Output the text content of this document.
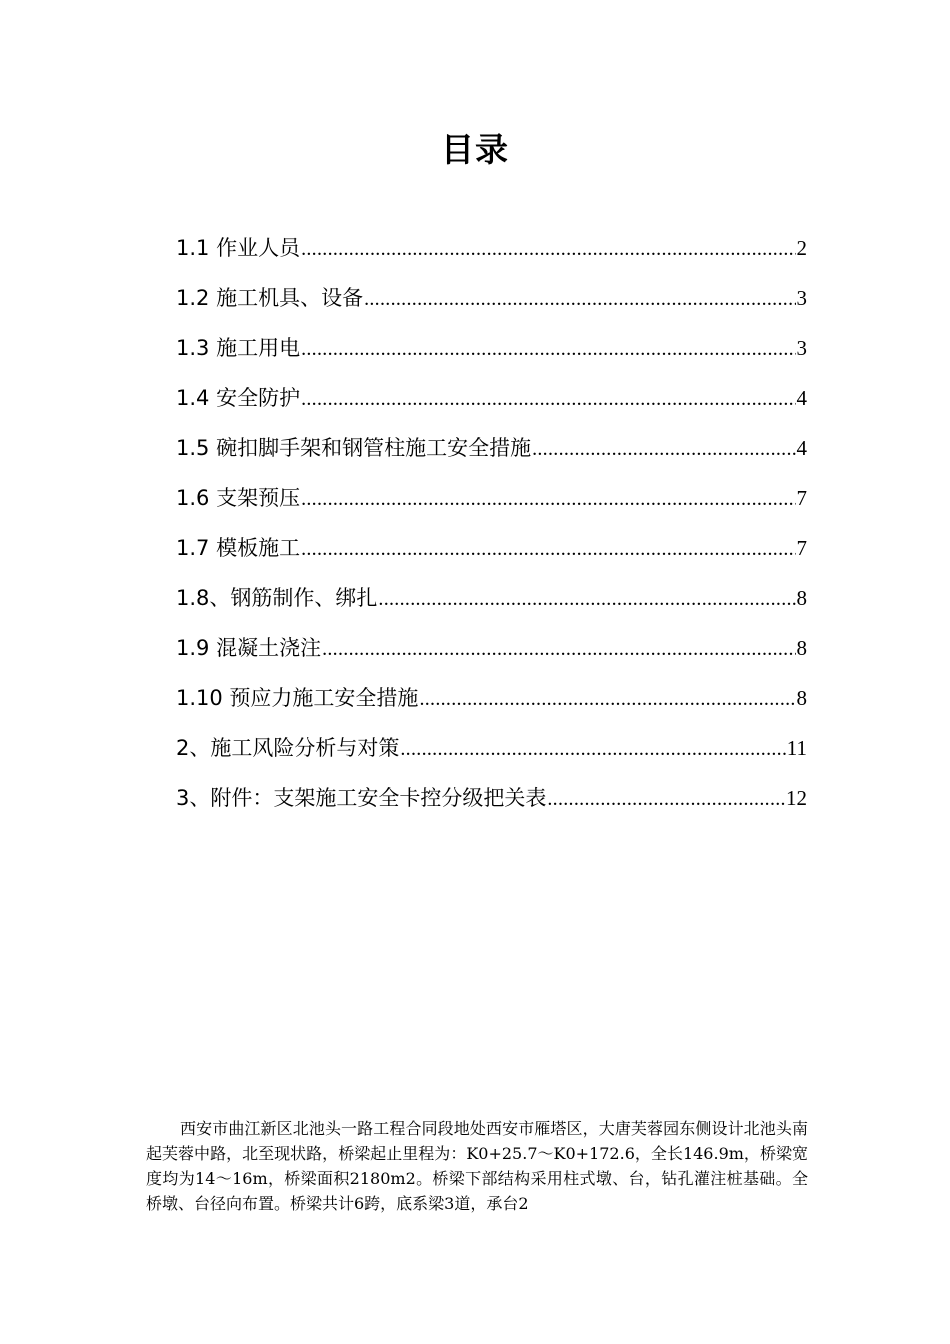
目录
1.1 作业人员 .....	2
1.2 施工机具、设备 .....	3
1.3 施工用电 .....	3
1.4 安全防护 .....	4
1.5 碗扣脚手架和钢管柱施工安全措施 .....	4
1.6 支架预压 .....	7
1.7 模板施工 .....	7
1.8、钢筋制作、绑扎 .....	8
1.9 混凝土浇注 .....	8
1.10 预应力施工安全措施 .....	8
2、施工风险分析与对策 .....	11
3、附件：支架施工安全卡控分级把关表 .....	12

西安市曲江新区北池头一路工程合同段地处西安市雁塔区，大唐芙蓉园东侧设计北池头南起芙蓉中路，北至现状路，桥梁起止里程为：K0+25.7～K0+172.6，全长146.9m，桥梁宽度均为14～16m，桥梁面积2180m2。桥梁下部结构采用柱式墩、台，钻孔灌注桩基础。全桥墩、台径向布置。桥梁共计6跨，底系梁3道，承台2
